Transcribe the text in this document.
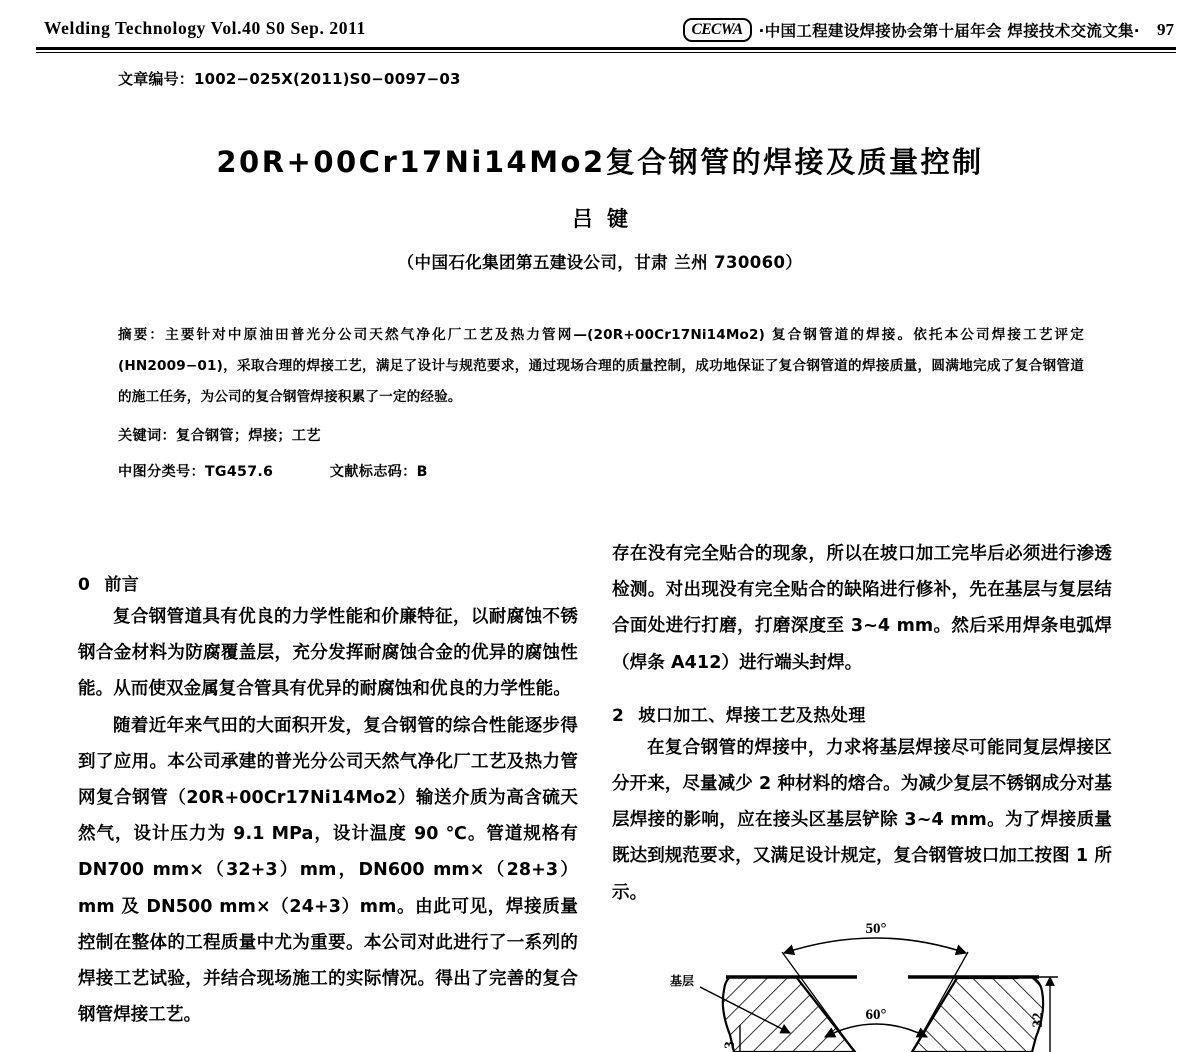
Welding Technology Vol.40 S0 Sep. 2011	CECWA	·中国工程建设焊接协会第十届年会 焊接技术交流文集· 97
文章编号：1002−025X(2011)S0−0097−03
20R+00Cr17Ni14Mo2复合钢管的焊接及质量控制
吕键
（中国石化集团第五建设公司，甘肃 兰州 730060）
摘要：主要针对中原油田普光分公司天然气净化厂工艺及热力管网—(20R+00Cr17Ni14Mo2) 复合钢管道的焊接。依托本公司焊接工艺评定 (HN2009−01)，采取合理的焊接工艺，满足了设计与规范要求，通过现场合理的质量控制，成功地保证了复合钢管道的焊接质量，圆满地完成了复合钢管道的施工任务，为公司的复合钢管焊接积累了一定的经验。
关键词：复合钢管；焊接；工艺
中图分类号：TG457.6	文献标志码：B
0 前言

复合钢管道具有优良的力学性能和价廉特征，以耐腐蚀不锈钢合金材料为防腐覆盖层，充分发挥耐腐蚀合金的优异的腐蚀性能。从而使双金属复合管具有优异的耐腐蚀和优良的力学性能。

随着近年来气田的大面积开发，复合钢管的综合性能逐步得到了应用。本公司承建的普光分公司天然气净化厂工艺及热力管网复合钢管（20R+00Cr17Ni14Mo2）输送介质为高含硫天然气，设计压力为 9.1 MPa，设计温度 90 ℃。管道规格有 DN700 mm×（32+3）mm，DN600 mm×（28+3）mm 及 DN500 mm×（24+3）mm。由此可见，焊接质量控制在整体的工程质量中尤为重要。本公司对此进行了一系列的焊接工艺试验，并结合现场施工的实际情况。得出了完善的复合钢管焊接工艺。

存在没有完全贴合的现象，所以在坡口加工完毕后必须进行渗透检测。对出现没有完全贴合的缺陷进行修补，先在基层与复层结合面处进行打磨，打磨深度至 3~4 mm。然后采用焊条电弧焊（焊条 A412）进行端头封焊。

2 坡口加工、焊接工艺及热处理

在复合钢管的焊接中，力求将基层焊接尽可能同复层焊接区分开来，尽量减少 2 种材料的熔合。为减少复层不锈钢成分对基层焊接的影响，应在接头区基层铲除 3~4 mm。为了焊接质量既达到规范要求，又满足设计规定，复合钢管坡口加工按图 1 所示。

50°
60°
基层
3
32
